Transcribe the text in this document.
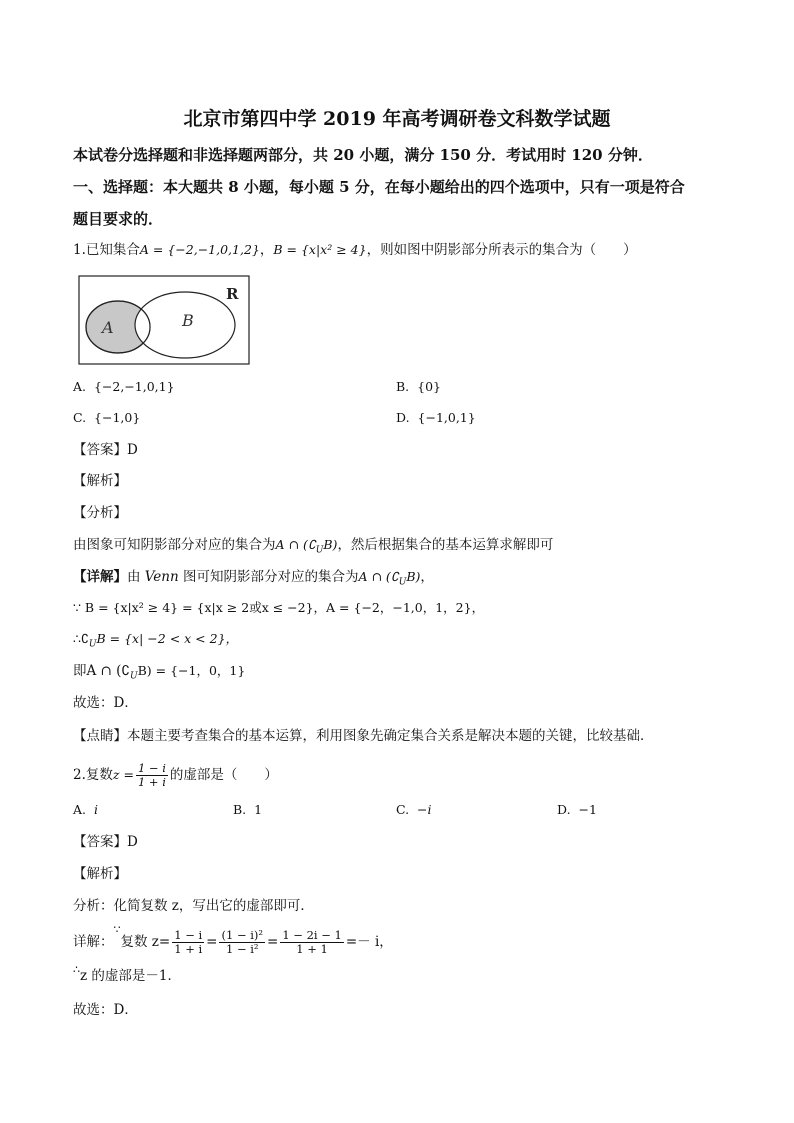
北京市第四中学 2019 年高考调研卷文科数学试题
本试卷分选择题和非选择题两部分，共 20 小题，满分 150 分．考试用时 120 分钟．
一、选择题：本大题共 8 小题，每小题 5 分，在每小题给出的四个选项中，只有一项是符合
题目要求的．
1.已知集合A = {−2,−1,0,1,2}，B = {x|x² ≥ 4}，则如图中阴影部分所表示的集合为（　　）
A	B
R
A. {−2,−1,0,1}	B. {0}
C. {−1,0}	D. {−1,0,1}
【答案】D
【解析】
【分析】
由图象可知阴影部分对应的集合为A ∩ $(∁_UB)$，然后根据集合的基本运算求解即可
【详解】由 Venn 图可知阴影部分对应的集合为A ∩ $(∁_UB)$，
∵ B = {x|x² ≥ 4} = {x|x ≥ 2或x ≤ −2}，A = {−2，−1,0，1，2}，
$\therefore∁_UB = \{x| -2 < x < 2\}$，
即A ∩ $(∁_UB) = \{-1$，0，1}
故选：D．
【点睛】本题主要考查集合的基本运算，利用图象先确定集合关系是解决本题的关键，比较基础．
2.复数$z = \frac{1 - i}{1 + i}$ 的虚部是（　　）
A. i	B. 1	C. −i	D. −1
【答案】D
【解析】
分析：化简复数 z，写出它的虚部即可．
详解：∵复数 $z= \frac{1 - i}{1 + i} = \frac{\text{(1 − i)²}}{\text{1 − i²}} = \frac{1 - 2i - 1}{1 + 1} =- i$，
∴z 的虚部是－1．
故选：D．
